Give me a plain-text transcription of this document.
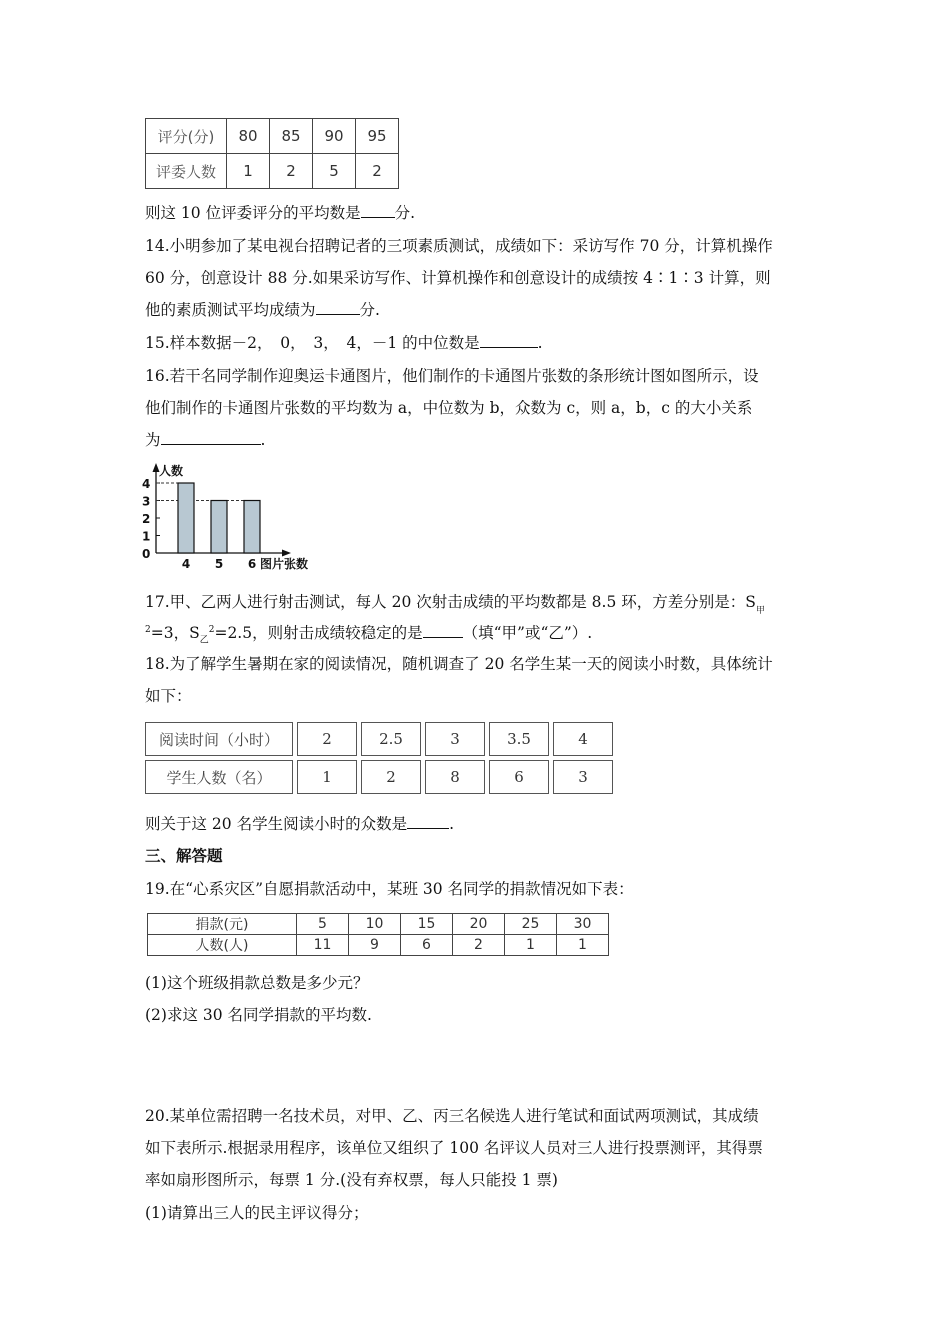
评分(分)	80	85	90	95
评委人数	1	2	5	2
则这 10 位评委评分的平均数是 分.
14.小明参加了某电视台招聘记者的三项素质测试，成绩如下：采访写作 70 分，计算机操作
60 分，创意设计 88 分.如果采访写作、计算机操作和创意设计的成绩按 4∶1∶3 计算，则
他的素质测试平均成绩为	分.
15.样本数据－2，　0，　3，　4，－1 的中位数是	.
16.若干名同学制作迎奥运卡通图片，他们制作的卡通图片张数的条形统计图如图所示，设
他们制作的卡通图片张数的平均数为 a，中位数为 b，众数为 c，则 a，b，c 的大小关系
为	.
0
1
2
3
4
4 5 6
人数
图片张数
17.甲、乙两人进行射击测试，每人 20 次射击成绩的平均数都是 8.5 环，方差分别是：$S_甲$
$^2$=3，$S_乙^2=2.5$，则射击成绩较稳定的是	（填“甲”或“乙”）.
18.为了解学生暑期在家的阅读情况，随机调查了 20 名学生某一天的阅读小时数，具体统计
如下：
阅读时间（小时）	2	2.5	3	3.5	4
学生人数（名）	1	2	8	6	3
则关于这 20 名学生阅读小时的众数是	.
三、解答题
19.在“心系灾区”自愿捐款活动中，某班 30 名同学的捐款情况如下表：
捐款(元)	5	10	15	20	25	30
人数(人)	11	9	6	2	1	1
(1)这个班级捐款总数是多少元？
(2)求这 30 名同学捐款的平均数.
20.某单位需招聘一名技术员，对甲、乙、丙三名候选人进行笔试和面试两项测试，其成绩
如下表所示.根据录用程序，该单位又组织了 100 名评议人员对三人进行投票测评，其得票
率如扇形图所示，每票 1 分.(没有弃权票，每人只能投 1 票)
(1)请算出三人的民主评议得分；
